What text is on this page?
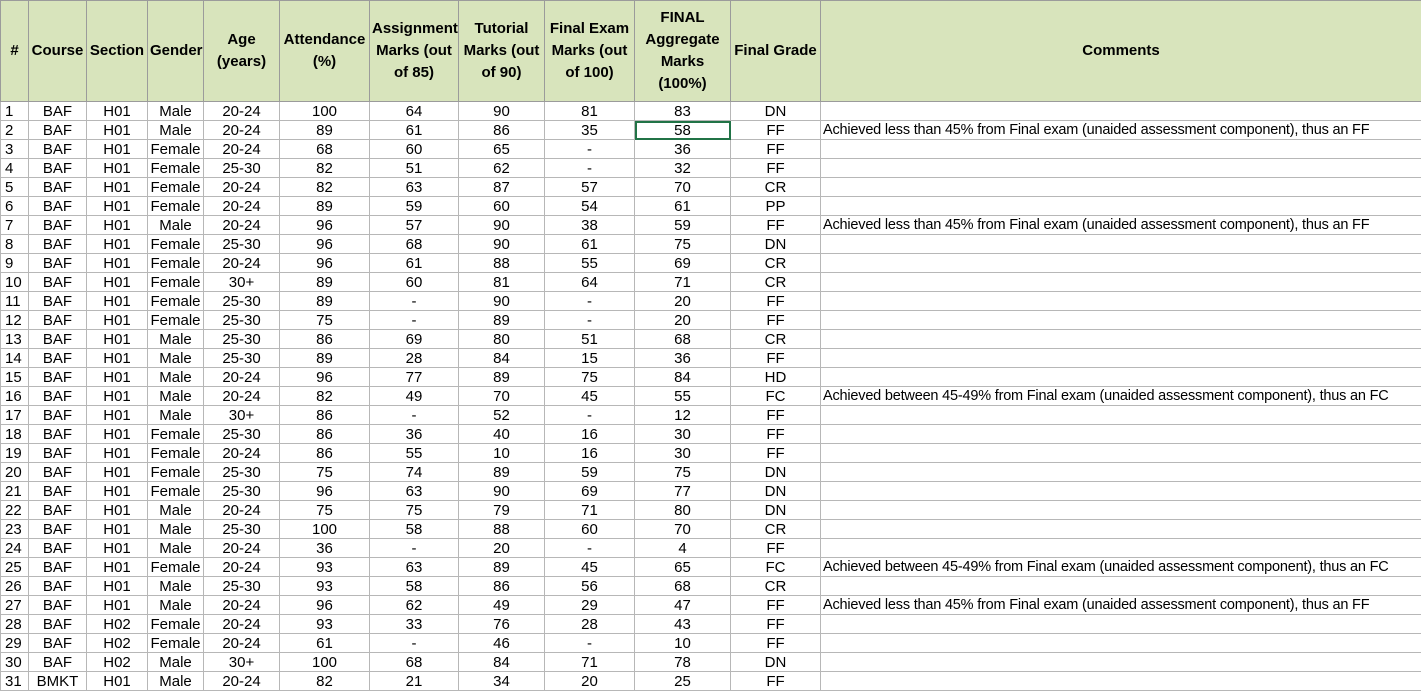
#	Course	Section	Gender	Age (years)	Attendance (%)	Assignment Marks (out of 85)	Tutorial Marks (out of 90)	Final Exam Marks (out of 100)	FINAL Aggregate Marks (100%)	Final Grade	Comments
1	BAF	H01	Male	20-24	100	64	90	81	83	DN	
2	BAF	H01	Male	20-24	89	61	86	35	58	FF	Achieved less than 45% from Final exam (unaided assessment component), thus an FF
3	BAF	H01	Female	20-24	68	60	65	-	36	FF	
4	BAF	H01	Female	25-30	82	51	62	-	32	FF	
5	BAF	H01	Female	20-24	82	63	87	57	70	CR	
6	BAF	H01	Female	20-24	89	59	60	54	61	PP	
7	BAF	H01	Male	20-24	96	57	90	38	59	FF	Achieved less than 45% from Final exam (unaided assessment component), thus an FF
8	BAF	H01	Female	25-30	96	68	90	61	75	DN	
9	BAF	H01	Female	20-24	96	61	88	55	69	CR	
10	BAF	H01	Female	30+	89	60	81	64	71	CR	
11	BAF	H01	Female	25-30	89	-	90	-	20	FF	
12	BAF	H01	Female	25-30	75	-	89	-	20	FF	
13	BAF	H01	Male	25-30	86	69	80	51	68	CR	
14	BAF	H01	Male	25-30	89	28	84	15	36	FF	
15	BAF	H01	Male	20-24	96	77	89	75	84	HD	
16	BAF	H01	Male	20-24	82	49	70	45	55	FC	Achieved between 45-49% from Final exam (unaided assessment component), thus an FC
17	BAF	H01	Male	30+	86	-	52	-	12	FF	
18	BAF	H01	Female	25-30	86	36	40	16	30	FF	
19	BAF	H01	Female	20-24	86	55	10	16	30	FF	
20	BAF	H01	Female	25-30	75	74	89	59	75	DN	
21	BAF	H01	Female	25-30	96	63	90	69	77	DN	
22	BAF	H01	Male	20-24	75	75	79	71	80	DN	
23	BAF	H01	Male	25-30	100	58	88	60	70	CR	
24	BAF	H01	Male	20-24	36	-	20	-	4	FF	
25	BAF	H01	Female	20-24	93	63	89	45	65	FC	Achieved between 45-49% from Final exam (unaided assessment component), thus an FC
26	BAF	H01	Male	25-30	93	58	86	56	68	CR	
27	BAF	H01	Male	20-24	96	62	49	29	47	FF	Achieved less than 45% from Final exam (unaided assessment component), thus an FF
28	BAF	H02	Female	20-24	93	33	76	28	43	FF	
29	BAF	H02	Female	20-24	61	-	46	-	10	FF	
30	BAF	H02	Male	30+	100	68	84	71	78	DN	
31	BMKT	H01	Male	20-24	82	21	34	20	25	FF	
